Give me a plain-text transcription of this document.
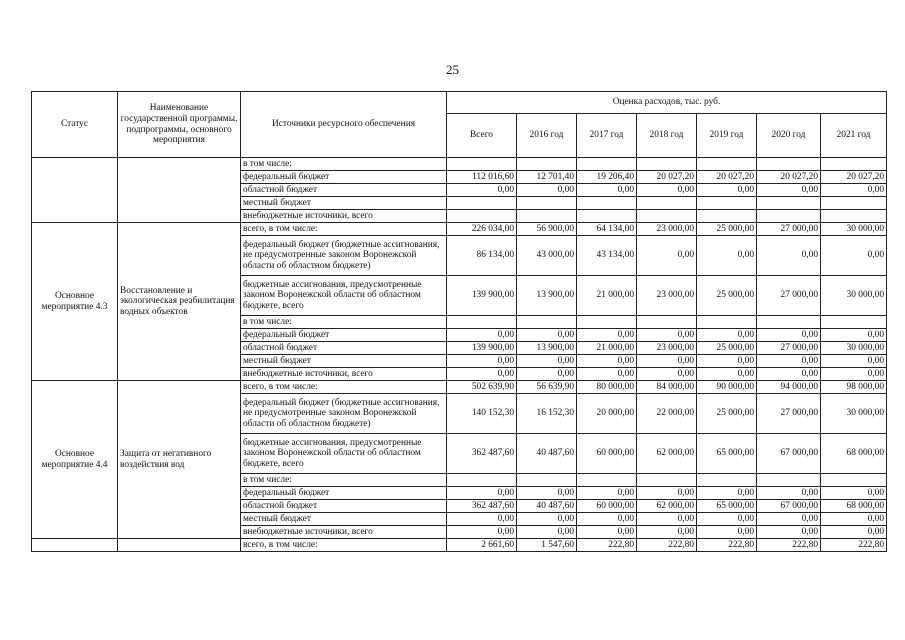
25
Статус	Наименование государственной программы, подпрограммы, основного мероприятия	Источники ресурсного обеспечения	Оценка расходов, тыс. руб.						
			Всего	2016 год	2017 год	2018 год	2019 год	2020 год	2021 год
		в том числе:							
		федеральный бюджет	112 016,60	12 701,40	19 206,40	20 027,20	20 027,20	20 027,20	20 027,20
		областной бюджет	0,00	0,00	0,00	0,00	0,00	0,00	0,00
		местный бюджет							
		внебюджетные источники, всего							
Основное мероприятие 4.3	Восстановление и экологическая реабилитация водных объектов	всего, в том числе:	226 034,00	56 900,00	64 134,00	23 000,00	25 000,00	27 000,00	30 000,00
		федеральный бюджет (бюджетные ассигнования, не предусмотренные законом Воронежской области об областном бюджете)	86 134,00	43 000,00	43 134,00	0,00	0,00	0,00	0,00
		бюджетные ассигнования, предусмотренные законом Воронежской области об областном бюджете, всего	139 900,00	13 900,00	21 000,00	23 000,00	25 000,00	27 000,00	30 000,00
		в том числе:							
		федеральный бюджет	0,00	0,00	0,00	0,00	0,00	0,00	0,00
		областной бюджет	139 900,00	13 900,00	21 000,00	23 000,00	25 000,00	27 000,00	30 000,00
		местный бюджет	0,00	0,00	0,00	0,00	0,00	0,00	0,00
		внебюджетные источники, всего	0,00	0,00	0,00	0,00	0,00	0,00	0,00
Основное мероприятие 4.4	Защита от негативного воздействия вод	всего, в том числе:	502 639,90	56 639,90	80 000,00	84 000,00	90 000,00	94 000,00	98 000,00
		федеральный бюджет (бюджетные ассигнования, не предусмотренные законом Воронежской области об областном бюджете)	140 152,30	16 152,30	20 000,00	22 000,00	25 000,00	27 000,00	30 000,00
		бюджетные ассигнования, предусмотренные законом Воронежской области об областном бюджете, всего	362 487,60	40 487,60	60 000,00	62 000,00	65 000,00	67 000,00	68 000,00
		в том числе:							
		федеральный бюджет	0,00	0,00	0,00	0,00	0,00	0,00	0,00
		областной бюджет	362 487,60	40 487,60	60 000,00	62 000,00	65 000,00	67 000,00	68 000,00
		местный бюджет	0,00	0,00	0,00	0,00	0,00	0,00	0,00
		внебюджетные источники, всего	0,00	0,00	0,00	0,00	0,00	0,00	0,00
		всего, в том числе:	2 661,60	1 547,60	222,80	222,80	222,80	222,80	222,80
